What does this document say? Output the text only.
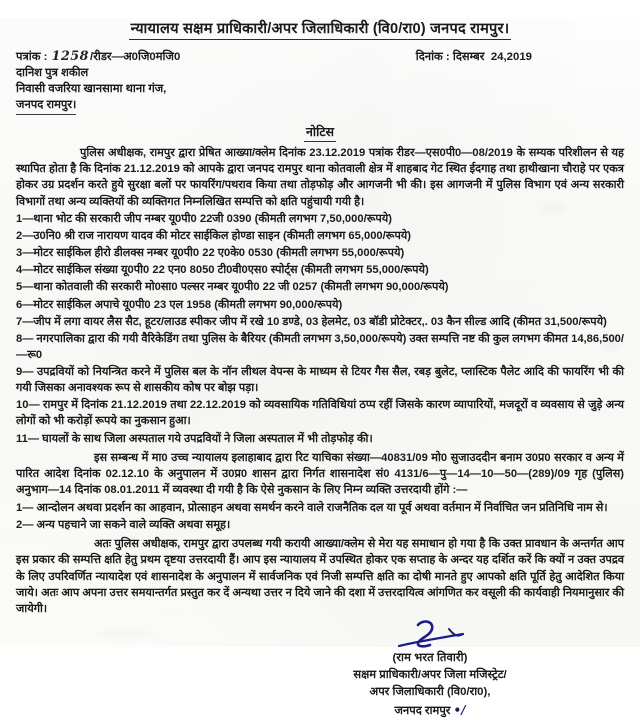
न्यायालय सक्षम प्राधिकारी/अपर जिलाधिकारी (वि0/रा0) जनपद रामपुर।
पत्रांक : 1258/रीडर—अ0जि0मजि0	दिनांक : दिसम्बर 24,2019
दानिश पुत्र शकील
निवासी वजरिया खानसामा थाना गंज,
जनपद रामपुर।
नोटिस
पुलिस अधीक्षक, रामपुर द्वारा प्रेषित आख्या/क्लेम दिनांक 23.12.2019 पत्रांक रीडर—एस0पी0—08/2019 के सम्यक परिशीलन से यह स्थापित होता है कि दिनांक 21.12.2019 को आपके द्वारा जनपद रामपुर थाना कोतवाली क्षेत्र में शाहबाद गेट स्थित ईदगाह तथा हाथीखाना चौराहे पर एकत्र होकर उग्र प्रदर्शन करते हुये सुरक्षा बलों पर फायरिंग/पथराव किया तथा तोड़फोड़ और आगजनी भी की। इस आगजनी में पुलिस विभाग एवं अन्य सरकारी विभागों तथा अन्य व्यक्तियों की व्यक्तिगत निम्नलिखित सम्पत्ति को क्षति पहुंचायी गयी है।
1—थाना भोट की सरकारी जीप नम्बर यू0पी0 22जी 0390 (कीमती लगभग 7,50,000/रूपये)
2—उ0नि0 श्री राज नारायण यादव की मोटर साईकिल होण्डा साइन (कीमती लगभग 65,000/रूपये)
3—मोटर साईकिल हीरो डीलक्स नम्बर यू0पी0 22 ए0के0 0530 (कीमती लगभग 55,000/रूपये)
4—मोटर साईकिल संख्या यू0पी0 22 एन0 8050 टी0वी0एस0 स्पोर्ट्स (कीमती लगभग 55,000/रूपये)
5—थाना कोतवाली की सरकारी मो0सा0 पल्सर नम्बर यू0पी0 22 जी 0257 (कीमती लगभग 90,000/रूपये)
6—मोटर साईकिल अपाचे यू0पी0 23 एल 1958 (कीमती लगभग 90,000/रूपये)
7—जीप में लगा वायर लैस सैट, हूटर/लाउड स्पीकर जीप में रखे 10 डण्डे, 03 हेलमेट, 03 बॉडी प्रोटेक्टर,. 03 कैन सील्ड आदि (कीमत 31,500/रूपये)
8— नगरपालिका द्वारा की गयी वैरिकेडिंग तथा पुलिस के बैरियर (कीमती लगभग 3,50,000/रूपये) उक्त सम्पत्ति नष्ट की कुल लगभग कीमत 14,86,500/—रू0
9— उपद्रवियों को नियन्त्रित करने में पुलिस बल के नॉन लीथल वेपन्स के माध्यम से टियर गैस सैल, रबड़ बुलेट, प्लास्टिक पैलेट आदि की फायरिंग भी की गयी जिसका अनावश्यक रूप से शासकीय कोष पर बोझ पड़ा।
10— रामपुर में दिनांक 21.12.2019 तथा 22.12.2019 को व्यवसायिक गतिविधियां ठप्प रहीं जिसके कारण व्यापारियों, मजदूरों व व्यवसाय से जुड़े अन्य लोगों को भी करोड़ों रूपये का नुकसान हुआ।
11— घायलों के साथ जिला अस्पताल गये उपद्रवियों ने जिला अस्पताल में भी तोड़फोड़ की।
इस सम्बन्ध में मा0 उच्च न्यायालय इलाहाबाद द्वारा रिट याचिका संख्या—40831/09 मो0 सुजाउददीन बनाम उ0प्र0 सरकार व अन्य में पारित आदेश दिनांक 02.12.10 के अनुपालन में उ0प्र0 शासन द्वारा निर्गत शासनादेश सं0 4131/6—पु—14—10—50—(289)/09 गृह (पुलिस) अनुभाग—14 दिनांक 08.01.2011 में व्यवस्था दी गयी है कि ऐसे नुकसान के लिए निम्न व्यक्ति उत्तरदायी होंगे :—
1— आन्दोलन अथवा प्रदर्शन का आहवान, प्रोत्साहन अथवा समर्थन करने वाले राजनैतिक दल या पूर्व अथवा वर्तमान में निर्वाचित जन प्रतिनिधि नाम से।
2— अन्य पहचाने जा सकने वाले व्यक्ति अथवा समूह।
अतः पुलिस अधीक्षक, रामपुर द्वारा उपलब्ध गयी करायी आख्या/क्लेम से मेरा यह समाधान हो गया है कि उक्त प्रावधान के अन्तर्गत आप इस प्रकार की सम्पत्ति क्षति हेतु प्रथम दृष्टया उत्तरदायी हैं। आप इस न्यायालय में उपस्थित होकर एक सप्ताह के अन्दर यह दर्शित करें कि क्यों न उक्त उपद्रव के लिए उपरिवर्णित न्यायादेश एवं शासनादेश के अनुपालन में सार्वजनिक एवं निजी सम्पत्ति क्षति का दोषी मानते हुए आपको क्षति पूर्ति हेतु आदेशित किया जाये। अतः आप अपना उत्तर समयान्तर्गत प्रस्तुत कर दें अन्यथा उत्तर न दिये जाने की दशा में उत्तरदायित्व आंगणित कर वसूली की कार्यवाही नियमानुसार की जायेगी।
(राम भरत तिवारी)
सक्षम प्राधिकारी/अपर जिला मजिस्ट्रेट/
अपर जिलाधिकारी (वि0/रा0),
जनपद रामपुर •/
